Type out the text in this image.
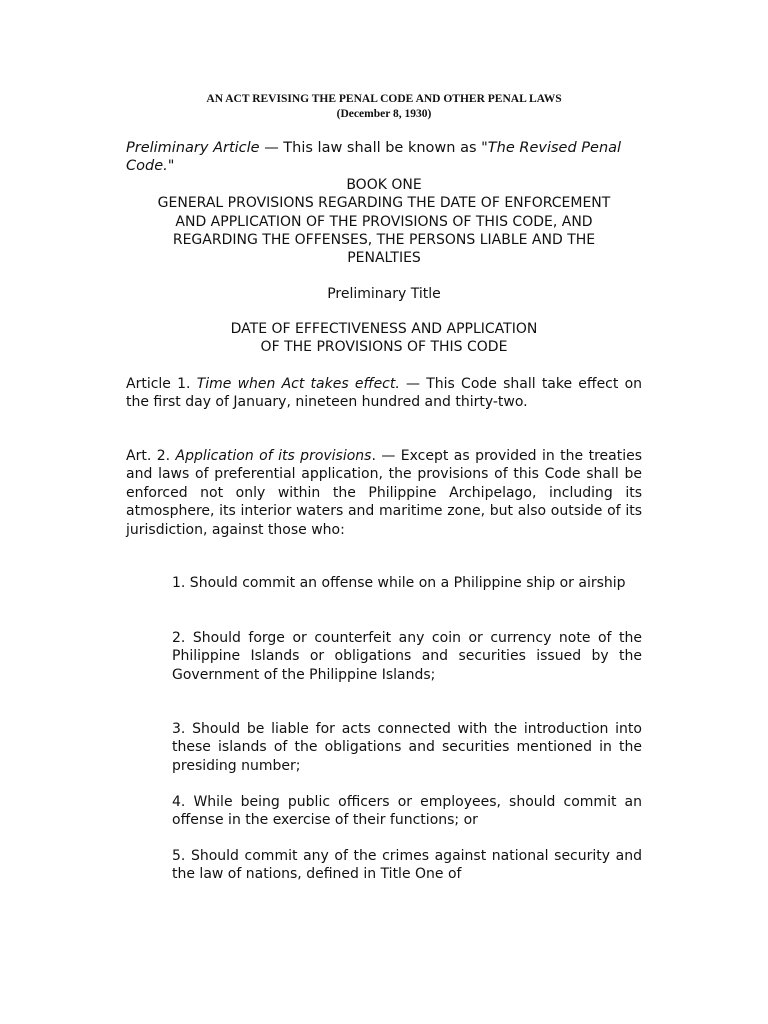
AN ACT REVISING THE PENAL CODE AND OTHER PENAL LAWS
(December 8, 1930)
Preliminary Article — This law shall be known as "The Revised Penal Code."
BOOK ONE
GENERAL PROVISIONS REGARDING THE DATE OF ENFORCEMENT AND APPLICATION OF THE PROVISIONS OF THIS CODE, AND REGARDING THE OFFENSES, THE PERSONS LIABLE AND THE PENALTIES
Preliminary Title
DATE OF EFFECTIVENESS AND APPLICATION
OF THE PROVISIONS OF THIS CODE
Article 1. Time when Act takes effect. — This Code shall take effect on the first day of January, nineteen hundred and thirty-two.
Art. 2. Application of its provisions. — Except as provided in the treaties and laws of preferential application, the provisions of this Code shall be enforced not only within the Philippine Archipelago, including its atmosphere, its interior waters and maritime zone, but also outside of its jurisdiction, against those who:
1. Should commit an offense while on a Philippine ship or airship
2. Should forge or counterfeit any coin or currency note of the Philippine Islands or obligations and securities issued by the Government of the Philippine Islands;
3. Should be liable for acts connected with the introduction into these islands of the obligations and securities mentioned in the presiding number;
4. While being public officers or employees, should commit an offense in the exercise of their functions; or
5. Should commit any of the crimes against national security and the law of nations, defined in Title One of
